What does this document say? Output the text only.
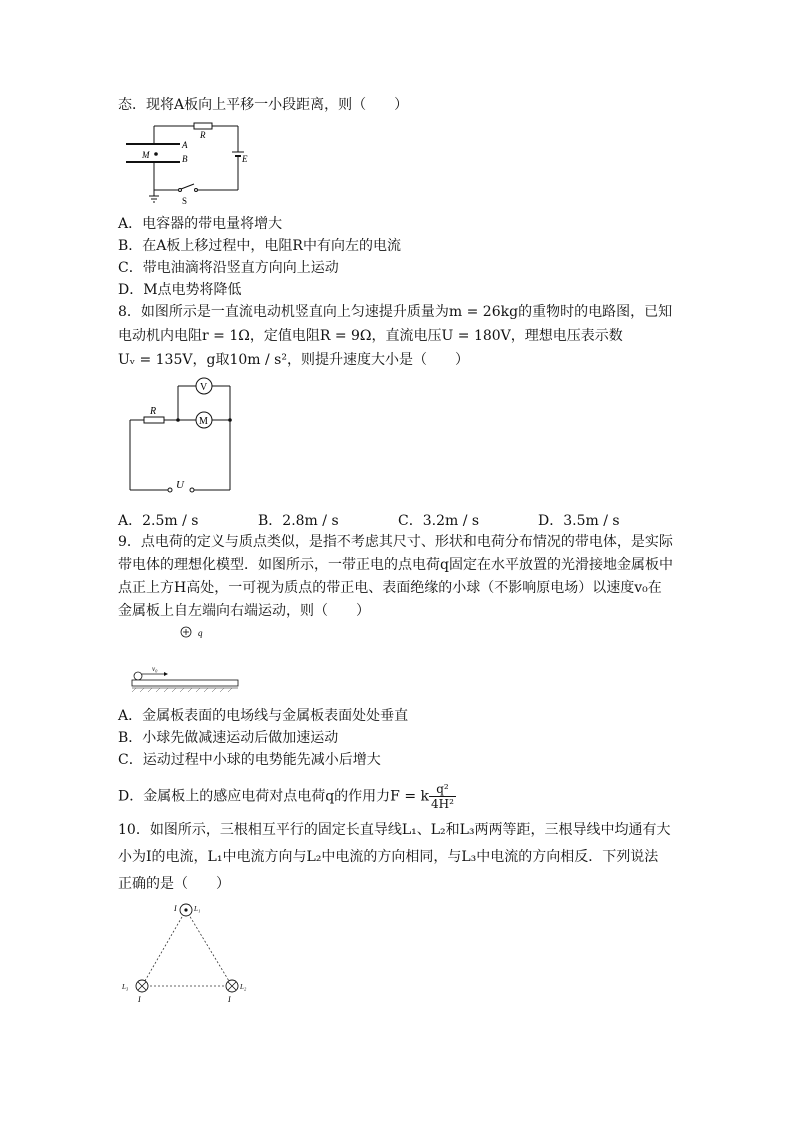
态．现将A板向上平移一小段距离，则（　　）
M
A
B
R
E
S
A．电容器的带电量将增大
B．在A板上移过程中，电阻R中有向左的电流
C．带电油滴将沿竖直方向向上运动
D．M点电势将降低
8．如图所示是一直流电动机竖直向上匀速提升质量为m = 26kg的重物时的电路图，已知
电动机内电阻r = 1Ω，定值电阻R = 9Ω，直流电压U = 180V，理想电压表示数
Uᵥ = 135V，g取10m / s²，则提升速度大小是（　　）
R
V
M
U
A．2.5m / s	B．2.8m / s	C．3.2m / s	D．3.5m / s
9．点电荷的定义与质点类似，是指不考虑其尺寸、形状和电荷分布情况的带电体，是实际
带电体的理想化模型．如图所示，一带正电的点电荷q固定在水平放置的光滑接地金属板中
点正上方H高处，一可视为质点的带正电、表面绝缘的小球（不影响原电场）以速度v₀在
金属板上自左端向右端运动，则（　　）
q
v₀
A．金属板表面的电场线与金属板表面处处垂直
B．小球先做减速运动后做加速运动
C．运动过程中小球的电势能先减小后增大
D．金属板上的感应电荷对点电荷q的作用力F = k $\frac{\text{q²}}{\text{4H²}}$
10．如图所示，三根相互平行的固定长直导线L₁、L₂和L₃两两等距，三根导线中均通有大
小为I的电流，L₁中电流方向与L₂中电流的方向相同，与L₃中电流的方向相反．下列说法
正确的是（　　）
I L₁
L₃
I
L₂
I
